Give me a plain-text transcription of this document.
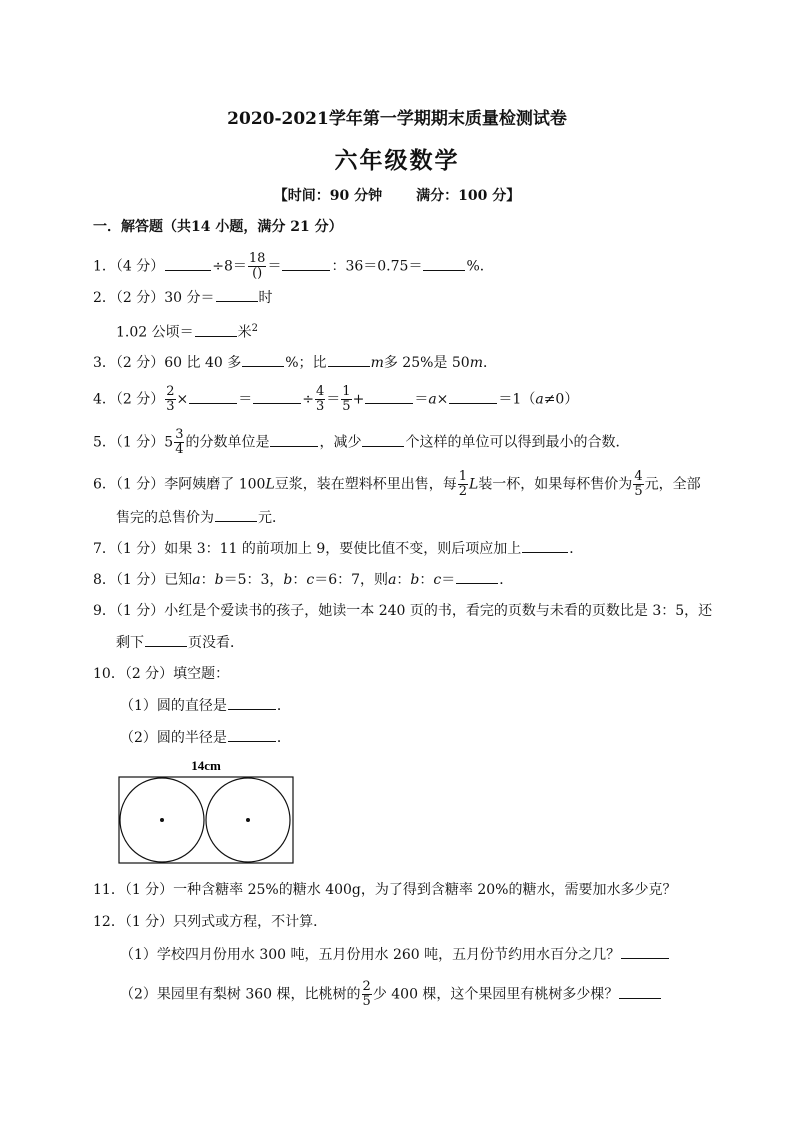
2020-2021学年第一学期期末质量检测试卷
六年级数学
【时间：90 分钟 满分：100 分】
一．解答题（共14 小题，满分 21 分）
1．（4 分）	$\div 8= \frac{18}{()}$ ＝	：36＝0.75＝	%．
2．（2 分）30 分＝	时
1.02 公顷＝	米$^2$
3．（2 分）60 比 40 多	%；比	m多 25%是 50m．
4．（2 分） $\frac{2}{3}$ ×	＝	÷ $\frac{4}{3} = \frac{1}{5}$ +	＝a×	＝1（a≠0）
5．（1 分）$5 \frac{3}{4}$ 的分数单位是	，减少	个这样的单位可以得到最小的合数．
6．（1 分）李阿姨磨了 100L豆浆，装在塑料杯里出售，每 $\frac{1}{2}$ L装一杯，如果每杯售价为 $\frac{4}{5}$ 元，全部
售完的总售价为	元．
7．（1 分）如果 3：11 的前项加上 9，要使比值不变，则后项应加上	．
8．（1 分）已知a：b＝5：3，b：c＝6：7，则a：b：c＝	．
9．（1 分）小红是个爱读书的孩子，她读一本 240 页的书，看完的页数与未看的页数比是 3：5，还
剩下	页没看．
10．（2 分）填空题：
（1）圆的直径是	．
（2）圆的半径是	．
14cm
11．（1 分）一种含糖率 25%的糖水 400g，为了得到含糖率 20%的糖水，需要加水多少克？
12．（1 分）只列式或方程，不计算．
（1）学校四月份用水 300 吨，五月份用水 260 吨，五月份节约用水百分之几？
（2）果园里有梨树 360 棵，比桃树的 $\frac{2}{5}$ 少 400 棵，这个果园里有桃树多少棵？
